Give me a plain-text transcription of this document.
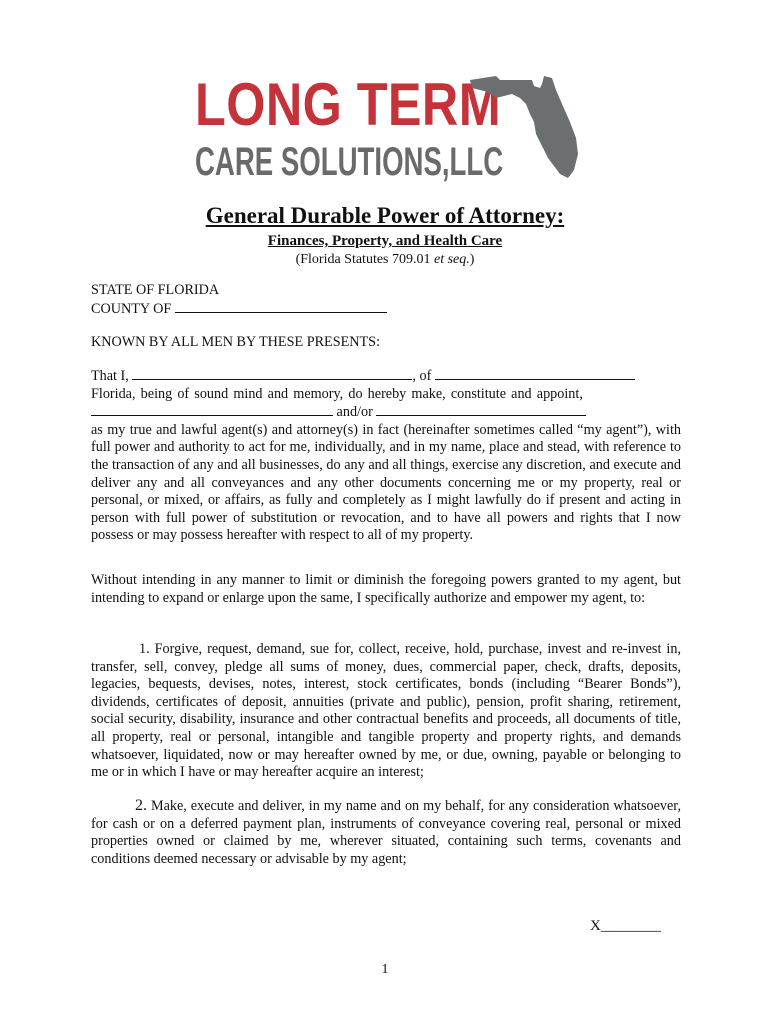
LONG TERM
CARE SOLUTIONS,LLC
General Durable Power of Attorney:
Finances, Property, and Health Care
(Florida Statutes 709.01 et seq.)
STATE OF FLORIDA
COUNTY OF
KNOWN BY ALL MEN BY THESE PRESENTS:
That I,	, of
Florida, being of sound mind and memory, do hereby make, constitute and appoint,
and/or
as my true and lawful agent(s) and attorney(s) in fact (hereinafter sometimes called “my agent”), with full power and authority to act for me, individually, and in my name, place and stead, with reference to the transaction of any and all businesses, do any and all things, exercise any discretion, and execute and deliver any and all conveyances and any other documents concerning me or my property, real or personal, or mixed, or affairs, as fully and completely as I might lawfully do if present and acting in person with full power of substitution or revocation, and to have all powers and rights that I now possess or may possess hereafter with respect to all of my property.
Without intending in any manner to limit or diminish the foregoing powers granted to my agent, but intending to expand or enlarge upon the same, I specifically authorize and empower my agent, to:
1. Forgive, request, demand, sue for, collect, receive, hold, purchase, invest and re-invest in, transfer, sell, convey, pledge all sums of money, dues, commercial paper, check, drafts, deposits, legacies, bequests, devises, notes, interest, stock certificates, bonds (including “Bearer Bonds”), dividends, certificates of deposit, annuities (private and public), pension, profit sharing, retirement, social security, disability, insurance and other contractual benefits and proceeds, all documents of title, all property, real or personal, intangible and tangible property and property rights, and demands whatsoever, liquidated, now or may hereafter owned by me, or due, owning, payable or belonging to me or in which I have or may hereafter acquire an interest;
2. Make, execute and deliver, in my name and on my behalf, for any consideration whatsoever, for cash or on a deferred payment plan, instruments of conveyance covering real, personal or mixed properties owned or claimed by me, wherever situated, containing such terms, covenants and conditions deemed necessary or advisable by my agent;
X________
1
